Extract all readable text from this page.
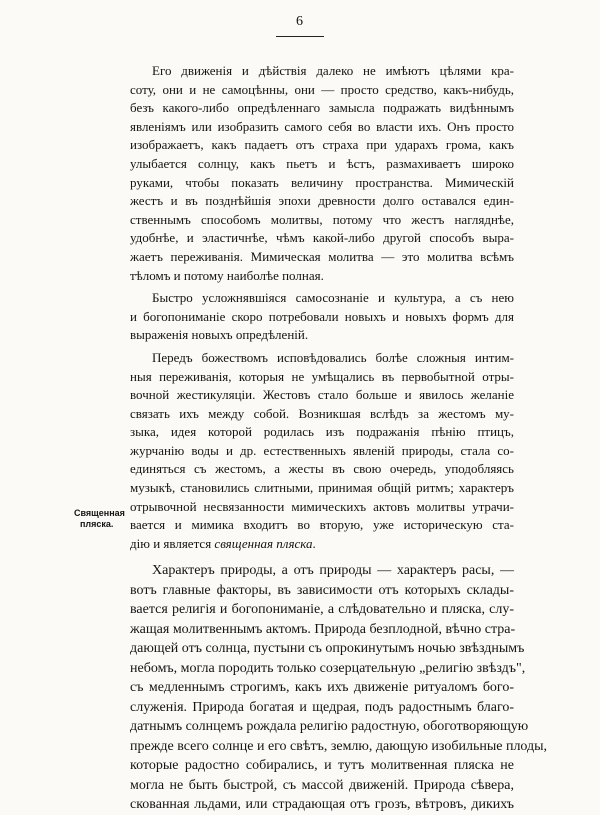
6
Священная
пляска.

Его движенія и дѣйствія далеко не имѣютъ цѣлями кра-
соту, они и не самоцѣнны, они — просто средство, какъ-нибудь,
безъ какого-либо опредѣленнаго замысла подражать видѣннымъ
явленіямъ или изобразить самого себя во власти ихъ. Онъ просто
изображаетъ, какъ падаетъ отъ страха при ударахъ грома, какъ
улыбается солнцу, какъ пьетъ и ѣстъ, размахиваетъ широко
руками, чтобы показать величину пространства. Мимическій
жестъ и въ позднѣйшія эпохи древности долго оставался един-
ственнымъ способомъ молитвы, потому что жестъ нагляднѣе,
удобнѣе, и эластичнѣе, чѣмъ какой-либо другой способъ выра-
жаетъ переживанія. Мимическая молитва — это молитва всѣмъ
тѣломъ и потому наиболѣе полная.

Быстро усложнявшіяся самосознаніе и культура, а съ нею
и богопониманіе скоро потребовали новыхъ и новыхъ формъ для
выраженія новыхъ опредѣленій.

Передъ божествомъ исповѣдовались болѣе сложныя интим-
ныя переживанія, которыя не умѣщались въ первобытной отры-
вочной жестикуляціи. Жестовъ стало больше и явилось желаніе
связать ихъ между собой. Возникшая вслѣдъ за жестомъ му-
зыка, идея которой родилась изъ подражанія пѣнію птицъ,
журчанію воды и др. естественныхъ явленій природы, стала со-
единяться съ жестомъ, а жесты въ свою очередь, уподобляясь
музыкѣ, становились слитными, принимая общій ритмъ; характеръ
отрывочной несвязанности мимическихъ актовъ молитвы утрачи-
вается и мимика входитъ во вторую, уже историческую ста-
дію и является священная пляска.

Характеръ природы, а отъ природы — характеръ расы, —
вотъ главные факторы, въ зависимости отъ которыхъ склады-
вается религія и богопониманіе, а слѣдовательно и пляска, слу-
жащая молитвеннымъ актомъ. Природа безплодной, вѣчно стра-
дающей отъ солнца, пустыни съ опрокинутымъ ночью звѣзднымъ
небомъ, могла породить только созерцательную „религію звѣздъ",
съ медленнымъ строгимъ, какъ ихъ движеніе ритуаломъ бого-
служенія. Природа богатая и щедрая, подъ радостнымъ благо-
датнымъ солнцемъ рождала религію радостную, обоготворяющую
прежде всего солнце и его свѣтъ, землю, дающую изобильные плоды,
которые радостно собирались, и тутъ молитвенная пляска не
могла не быть быстрой, съ массой движеній. Природа сѣвера,
скованная льдами, или страдающая отъ грозъ, вѣтровъ, дикихъ
